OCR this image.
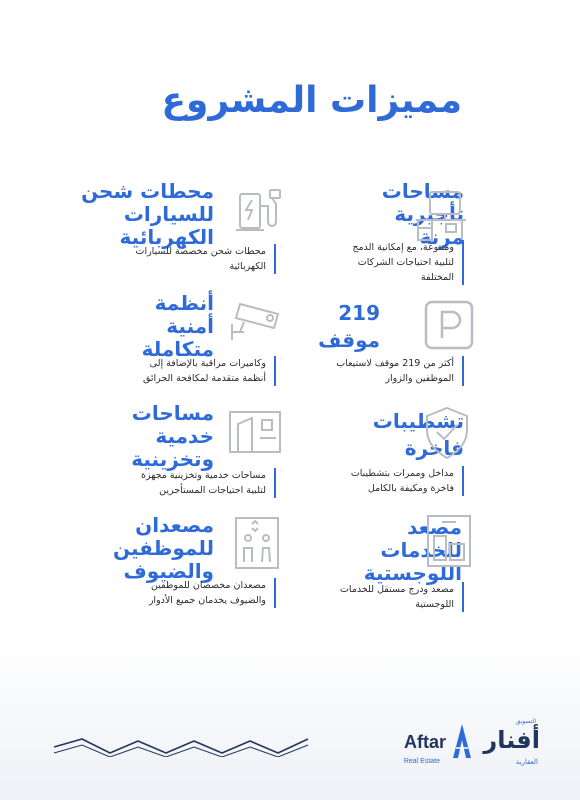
مميزات المشروع
مساحات
تأجيرية
مرنة
ومتنوعة، مع إمكانية الدمج
لتلبية احتياجات الشركات
المختلفة
محطات شحن
للسيارات
الكهربائية
محطات شحن مخصصة للسيارات
الكهربائية
219
موقف
أكثر من 219 موقف لاستيعاب
الموظفين والزوار
أنظمة
أمنية
متكاملة
وكاميرات مراقبة بالإضافة إلى
أنظمة متقدمة لمكافحة الحرائق
تشطيبات
فاخرة
مداخل وممرات بتشطيبات
فاخرة ومكيفة بالكامل
مساحات
خدمية
وتخزينية
مساحات خدمية وتخزينية مجهزة
لتلبية احتياجات المستأجرين
مصعد
للخدمات
اللوجستية
مصعد ودرج مستقل للخدمات
اللوجستية
مصعدان
للموظفين
والضيوف
مصعدان مخصصان للموظفين
والضيوف يخدمان جميع الأدوار
التسويق
أفنار
العقارية
Aftar
Real Estate
